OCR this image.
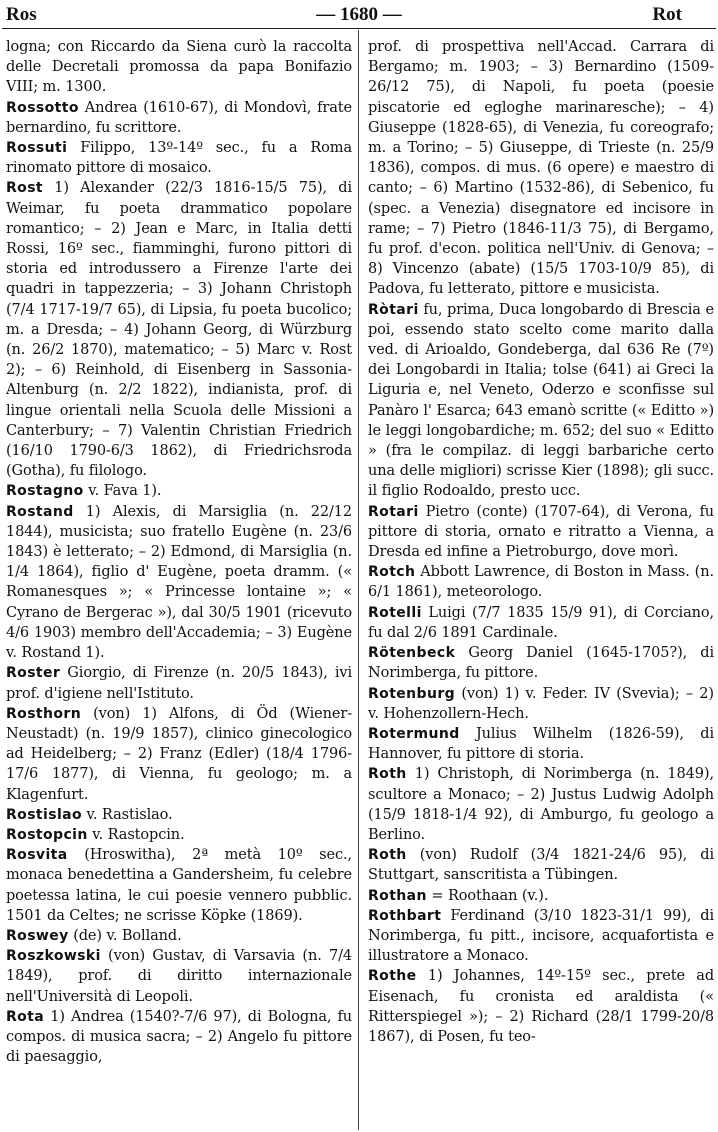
Ros	— 1680 —	Rot

logna; con Riccardo da Siena curò la raccolta delle Decretali promossa da papa Bonifazio VIII; m. 1300.

Rossotto Andrea (1610-67), di Mondovì, frate bernardino, fu scrittore.

Rossuti Filippo, 13º-14º sec., fu a Roma rinomato pittore di mosaico.

Rost 1) Alexander (22/3 1816-15/5 75), di Weimar, fu poeta drammatico popolare romantico; – 2) Jean e Marc, in Italia detti Rossi, 16º sec., fiamminghi, furono pittori di storia ed introdussero a Firenze l'arte dei quadri in tappezzeria; – 3) Johann Christoph (7/4 1717-19/7 65), di Lipsia, fu poeta bucolico; m. a Dresda; – 4) Johann Georg, di Würzburg (n. 26/2 1870), matematico; – 5) Marc v. Rost 2); – 6) Reinhold, di Eisenberg in Sassonia-Altenburg (n. 2/2 1822), indianista, prof. di lingue orientali nella Scuola delle Missioni a Canterbury; – 7) Valentin Christian Friedrich (16/10 1790-6/3 1862), di Friedrichsroda (Gotha), fu filologo.

Rostagno v. Fava 1).

Rostand 1) Alexis, di Marsiglia (n. 22/12 1844), musicista; suo fratello Eugène (n. 23/6 1843) è letterato; – 2) Edmond, di Marsiglia (n. 1/4 1864), figlio d' Eugène, poeta dramm. (« Romanesques »; « Princesse lontaine »; « Cyrano de Bergerac »), dal 30/5 1901 (ricevuto 4/6 1903) membro dell'Accademia; – 3) Eugène v. Rostand 1).

Roster Giorgio, di Firenze (n. 20/5 1843), ivi prof. d'igiene nell'Istituto.

Rosthorn (von) 1) Alfons, di Öd (Wiener-Neustadt) (n. 19/9 1857), clinico ginecologico ad Heidelberg; – 2) Franz (Edler) (18/4 1796-17/6 1877), di Vienna, fu geologo; m. a Klagenfurt.

Rostislao v. Rastislao.

Rostopcin v. Rastopcin.

Rosvita (Hroswitha), 2ª metà 10º sec., monaca benedettina a Gandersheim, fu celebre poetessa latina, le cui poesie vennero pubblic. 1501 da Celtes; ne scrisse Köpke (1869).

Roswey (de) v. Bolland.

Roszkowski (von) Gustav, di Varsavia (n. 7/4 1849), prof. di diritto internazionale nell'Università di Leopoli.

Rota 1) Andrea (1540?-7/6 97), di Bologna, fu compos. di musica sacra; – 2) Angelo fu pittore di paesaggio,

prof. di prospettiva nell'Accad. Carrara di Bergamo; m. 1903; – 3) Bernardino (1509-26/12 75), di Napoli, fu poeta (poesie piscatorie ed egloghe marinaresche); – 4) Giuseppe (1828-65), di Venezia, fu coreografo; m. a Torino; – 5) Giuseppe, di Trieste (n. 25/9 1836), compos. di mus. (6 opere) e maestro di canto; – 6) Martino (1532-86), di Sebenico, fu (spec. a Venezia) disegnatore ed incisore in rame; – 7) Pietro (1846-11/3 75), di Bergamo, fu prof. d'econ. politica nell'Univ. di Genova; – 8) Vincenzo (abate) (15/5 1703-10/9 85), di Padova, fu letterato, pittore e musicista.

Ròtari fu, prima, Duca longobardo di Brescia e poi, essendo stato scelto come marito dalla ved. di Arioaldo, Gondeberga, dal 636 Re (7º) dei Longobardi in Italia; tolse (641) ai Greci la Liguria e, nel Veneto, Oderzo e sconfisse sul Panàro l' Esarca; 643 emanò scritte (« Editto ») le leggi longobardiche; m. 652; del suo « Editto » (fra le compilaz. di leggi barbariche certo una delle migliori) scrisse Kier (1898); gli succ. il figlio Rodoaldo, presto ucc.

Rotari Pietro (conte) (1707-64), di Verona, fu pittore di storia, ornato e ritratto a Vienna, a Dresda ed infine a Pietroburgo, dove morì.

Rotch Abbott Lawrence, di Boston in Mass. (n. 6/1 1861), meteorologo.

Rotelli Luigi (7/7 1835 15/9 91), di Corciano, fu dal 2/6 1891 Cardinale.

Rötenbeck Georg Daniel (1645-1705?), di Norimberga, fu pittore.

Rotenburg (von) 1) v. Feder. IV (Svevia); – 2) v. Hohenzollern-Hech.

Rotermund Julius Wilhelm (1826-59), di Hannover, fu pittore di storia.

Roth 1) Christoph, di Norimberga (n. 1849), scultore a Monaco; – 2) Justus Ludwig Adolph (15/9 1818-1/4 92), di Amburgo, fu geologo a Berlino.

Roth (von) Rudolf (3/4 1821-24/6 95), di Stuttgart, sanscritista a Tübingen.

Rothan = Roothaan (v.).

Rothbart Ferdinand (3/10 1823-31/1 99), di Norimberga, fu pitt., incisore, acquafortista e illustratore a Monaco.

Rothe 1) Johannes, 14º-15º sec., prete ad Eisenach, fu cronista ed araldista (« Ritterspiegel »); – 2) Richard (28/1 1799-20/8 1867), di Posen, fu teo-
